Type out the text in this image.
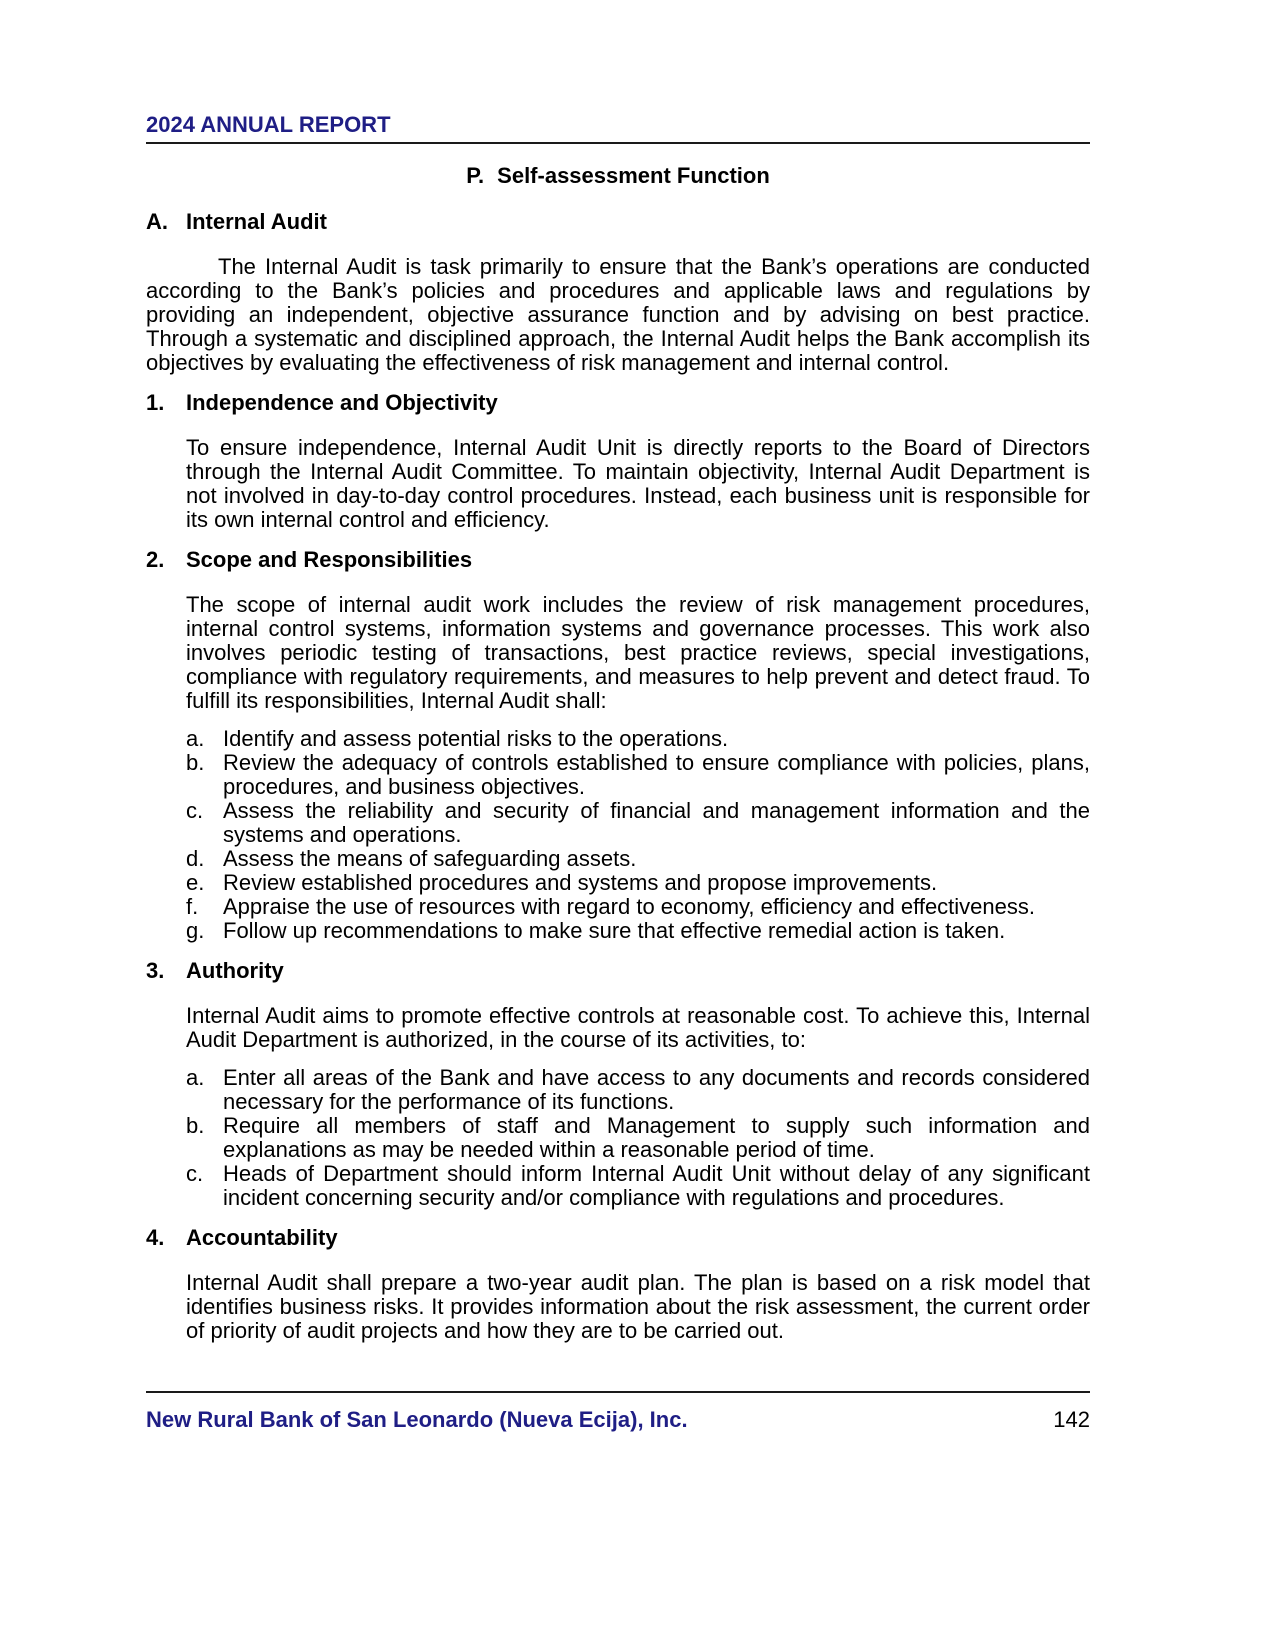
2024 ANNUAL REPORT
P. Self-assessment Function
A. Internal Audit

The Internal Audit is task primarily to ensure that the Bank’s operations are conducted according to the Bank’s policies and procedures and applicable laws and regulations by providing an independent, objective assurance function and by advising on best practice. Through a systematic and disciplined approach, the Internal Audit helps the Bank accomplish its objectives by evaluating the effectiveness of risk management and internal control.

1. Independence and Objectivity

To ensure independence, Internal Audit Unit is directly reports to the Board of Directors through the Internal Audit Committee. To maintain objectivity, Internal Audit Department is not involved in day-to-day control procedures. Instead, each business unit is responsible for its own internal control and efficiency.

2. Scope and Responsibilities

The scope of internal audit work includes the review of risk management procedures, internal control systems, information systems and governance processes. This work also involves periodic testing of transactions, best practice reviews, special investigations, compliance with regulatory requirements, and measures to help prevent and detect fraud. To fulfill its responsibilities, Internal Audit shall:

a. Identify and assess potential risks to the operations.
b. Review the adequacy of controls established to ensure compliance with policies, plans, procedures, and business objectives.
c. Assess the reliability and security of financial and management information and the systems and operations.
d. Assess the means of safeguarding assets.
e. Review established procedures and systems and propose improvements.
f.	Appraise the use of resources with regard to economy, efficiency and effectiveness.
g. Follow up recommendations to make sure that effective remedial action is taken.
3. Authority

Internal Audit aims to promote effective controls at reasonable cost. To achieve this, Internal Audit Department is authorized, in the course of its activities, to:

a. Enter all areas of the Bank and have access to any documents and records considered necessary for the performance of its functions.
b. Require all members of staff and Management to supply such information and explanations as may be needed within a reasonable period of time.
c. Heads of Department should inform Internal Audit Unit without delay of any significant incident concerning security and/or compliance with regulations and procedures.
4. Accountability

Internal Audit shall prepare a two-year audit plan. The plan is based on a risk model that identifies business risks. It provides information about the risk assessment, the current order of priority of audit projects and how they are to be carried out.

New Rural Bank of San Leonardo (Nueva Ecija), Inc.	142
